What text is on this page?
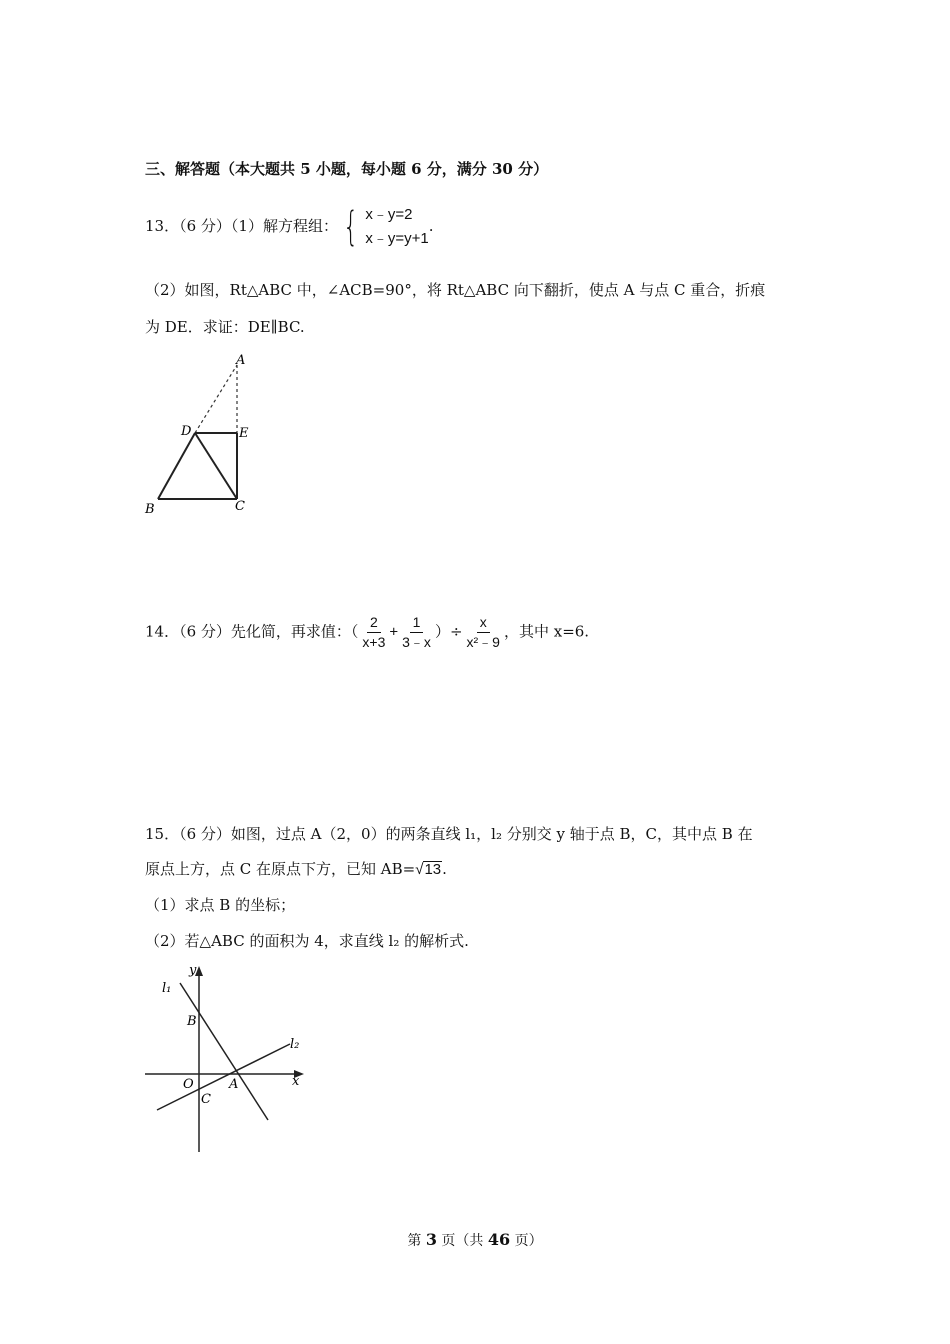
三、解答题（本大题共 5 小题，每小题 6 分，满分 30 分）
13．（6 分）（1）解方程组： { x﹣y=2
x﹣y=y+1
.
（2）如图，Rt△ABC 中，∠ACB=90°，将 Rt△ABC 向下翻折，使点 A 与点 C 重合，折痕
为 DE．求证：DE∥BC.
A
D	E
B	C
14．（6 分）先化简，再求值：（ $\frac{2}{x+3} + \frac{1}{3﹣x}$ ）÷ $\frac{x}{\text{x²﹣9}}$ ，其中 x=6.
15．（6 分）如图，过点 A（2，0）的两条直线 l₁，l₂ 分别交 y 轴于点 B，C，其中点 B 在
原点上方，点 C 在原点下方，已知 AB= √ 13 .
（1）求点 B 的坐标；
（2）若△ABC 的面积为 4，求直线 l₂ 的解析式.
y
l₁
l₂
B
O	A
C
x
第 3 页（共 46 页）
